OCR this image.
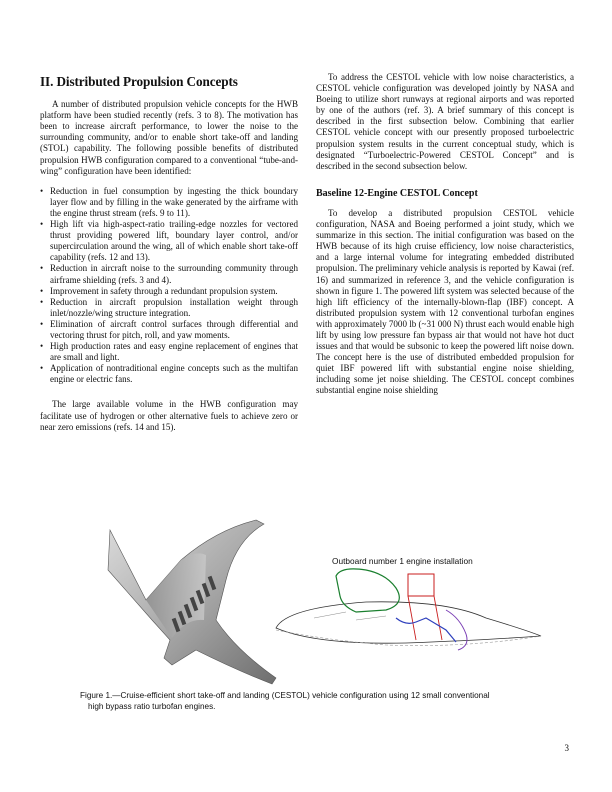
II. Distributed Propulsion Concepts

A number of distributed propulsion vehicle concepts for the HWB platform have been studied recently (refs. 3 to 8). The motivation has been to increase aircraft performance, to lower the noise to the surrounding community, and/or to enable short take-off and landing (STOL) capability. The following possible benefits of distributed propulsion HWB configuration compared to a conventional “tube-and-wing” configuration have been identified:

• Reduction in fuel consumption by ingesting the thick boundary layer flow and by filling in the wake generated by the airframe with the engine thrust stream (refs. 9 to 11).
• High lift via high-aspect-ratio trailing-edge nozzles for vectored thrust providing powered lift, boundary layer control, and/or supercirculation around the wing, all of which enable short take-off capability (refs. 12 and 13).
• Reduction in aircraft noise to the surrounding community through airframe shielding (refs. 3 and 4).
• Improvement in safety through a redundant propulsion system.
• Reduction in aircraft propulsion installation weight through inlet/nozzle/wing structure integration.
• Elimination of aircraft control surfaces through differential and vectoring thrust for pitch, roll, and yaw moments.
• High production rates and easy engine replacement of engines that are small and light.
• Application of nontraditional engine concepts such as the multifan engine or electric fans.

The large available volume in the HWB configuration may facilitate use of hydrogen or other alternative fuels to achieve zero or near zero emissions (refs. 14 and 15).

To address the CESTOL vehicle with low noise characteristics, a CESTOL vehicle configuration was developed jointly by NASA and Boeing to utilize short runways at regional airports and was reported by one of the authors (ref. 3). A brief summary of this concept is described in the first subsection below. Combining that earlier CESTOL vehicle concept with our presently proposed turboelectric propulsion system results in the current conceptual study, which is designated “Turboelectric-Powered CESTOL Concept” and is described in the second subsection below.

Baseline 12-Engine CESTOL Concept

To develop a distributed propulsion CESTOL vehicle configuration, NASA and Boeing performed a joint study, which we summarize in this section. The initial configuration was based on the HWB because of its high cruise efficiency, low noise characteristics, and a large internal volume for integrating embedded distributed propulsion. The preliminary vehicle analysis is reported by Kawai (ref. 16) and summarized in reference 3, and the vehicle configuration is shown in figure 1. The powered lift system was selected because of the high lift efficiency of the internally-blown-flap (IBF) concept. A distributed propulsion system with 12 conventional turbofan engines with approximately 7000 lb (~31 000 N) thrust each would enable high lift by using low pressure fan bypass air that would not have hot duct issues and that would be subsonic to keep the powered lift noise down. The concept here is the use of distributed embedded propulsion for quiet IBF powered lift with substantial engine noise shielding, including some jet noise shielding. The CESTOL concept combines substantial engine noise shielding

Outboard number 1 engine installation
Figure 1.—Cruise-efficient short take-off and landing (CESTOL) vehicle configuration using 12 small conventional
high bypass ratio turbofan engines.
3
